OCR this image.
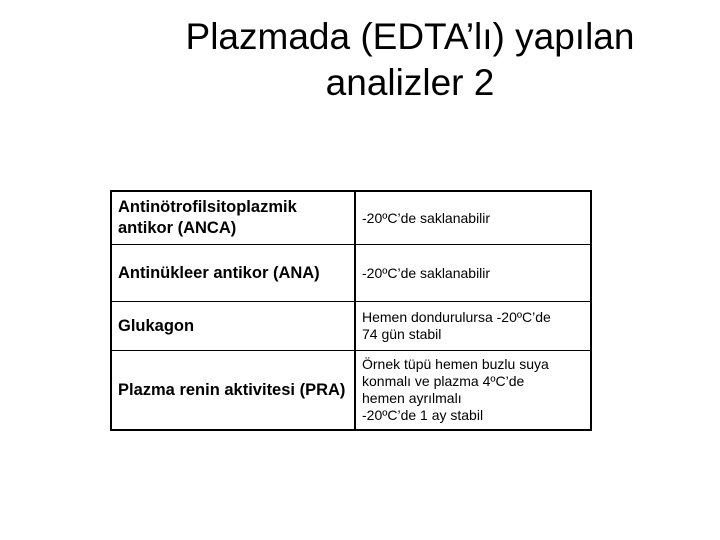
Plazmada (EDTA’lı) yapılan
analizler 2
Antinötrofilsitoplazmik antikor (ANCA)	-20ºC’de saklanabilir

Antinükleer antikor (ANA)	-20ºC’de saklanabilir

Glukagon	Hemen dondurulursa -20ºC’de
74 gün stabil

Plazma renin aktivitesi (PRA)	Örnek tüpü hemen buzlu suya
konmalı ve plazma 4ºC’de
hemen ayrılmalı
-20ºC’de 1 ay stabil
